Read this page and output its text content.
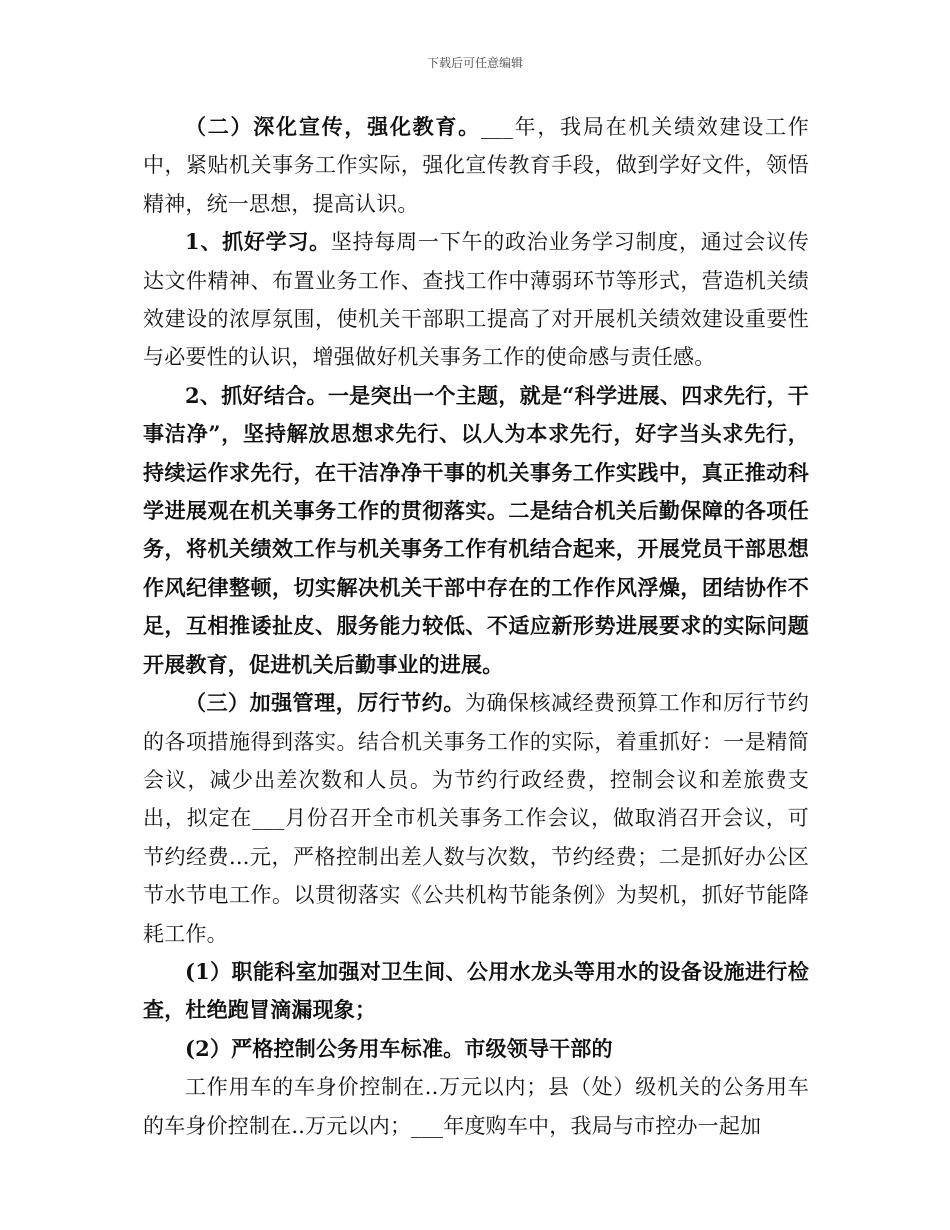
下载后可任意编辑

（二）深化宣传，强化教育。___年，我局在机关绩效建设工作中，紧贴机关事务工作实际，强化宣传教育手段，做到学好文件，领悟精神，统一思想，提高认识。

1、抓好学习。坚持每周一下午的政治业务学习制度，通过会议传达文件精神、布置业务工作、查找工作中薄弱环节等形式，营造机关绩效建设的浓厚氛围，使机关干部职工提高了对开展机关绩效建设重要性与必要性的认识，增强做好机关事务工作的使命感与责任感。

2、抓好结合。一是突出一个主题，就是“科学进展、四求先行，干事洁净”，坚持解放思想求先行、以人为本求先行，好字当头求先行，持续运作求先行，在干洁净净干事的机关事务工作实践中，真正推动科学进展观在机关事务工作的贯彻落实。二是结合机关后勤保障的各项任务，将机关绩效工作与机关事务工作有机结合起来，开展党员干部思想作风纪律整顿，切实解决机关干部中存在的工作作风浮燥，团结协作不足，互相推诿扯皮、服务能力较低、不适应新形势进展要求的实际问题开展教育，促进机关后勤事业的进展。

（三）加强管理，厉行节约。为确保核减经费预算工作和厉行节约的各项措施得到落实。结合机关事务工作的实际，着重抓好：一是精简会议，减少出差次数和人员。为节约行政经费，控制会议和差旅费支出，拟定在___月份召开全市机关事务工作会议，做取消召开会议，可节约经费...元，严格控制出差人数与次数，节约经费；二是抓好办公区节水节电工作。以贯彻落实《公共机构节能条例》为契机，抓好节能降耗工作。

(1）职能科室加强对卫生间、公用水龙头等用水的设备设施进行检查，杜绝跑冒滴漏现象；

(2）严格控制公务用车标准。市级领导干部的

工作用车的车身价控制在..万元以内；县（处）级机关的公务用车的车身价控制在..万元以内；___年度购车中，我局与市控办一起加
